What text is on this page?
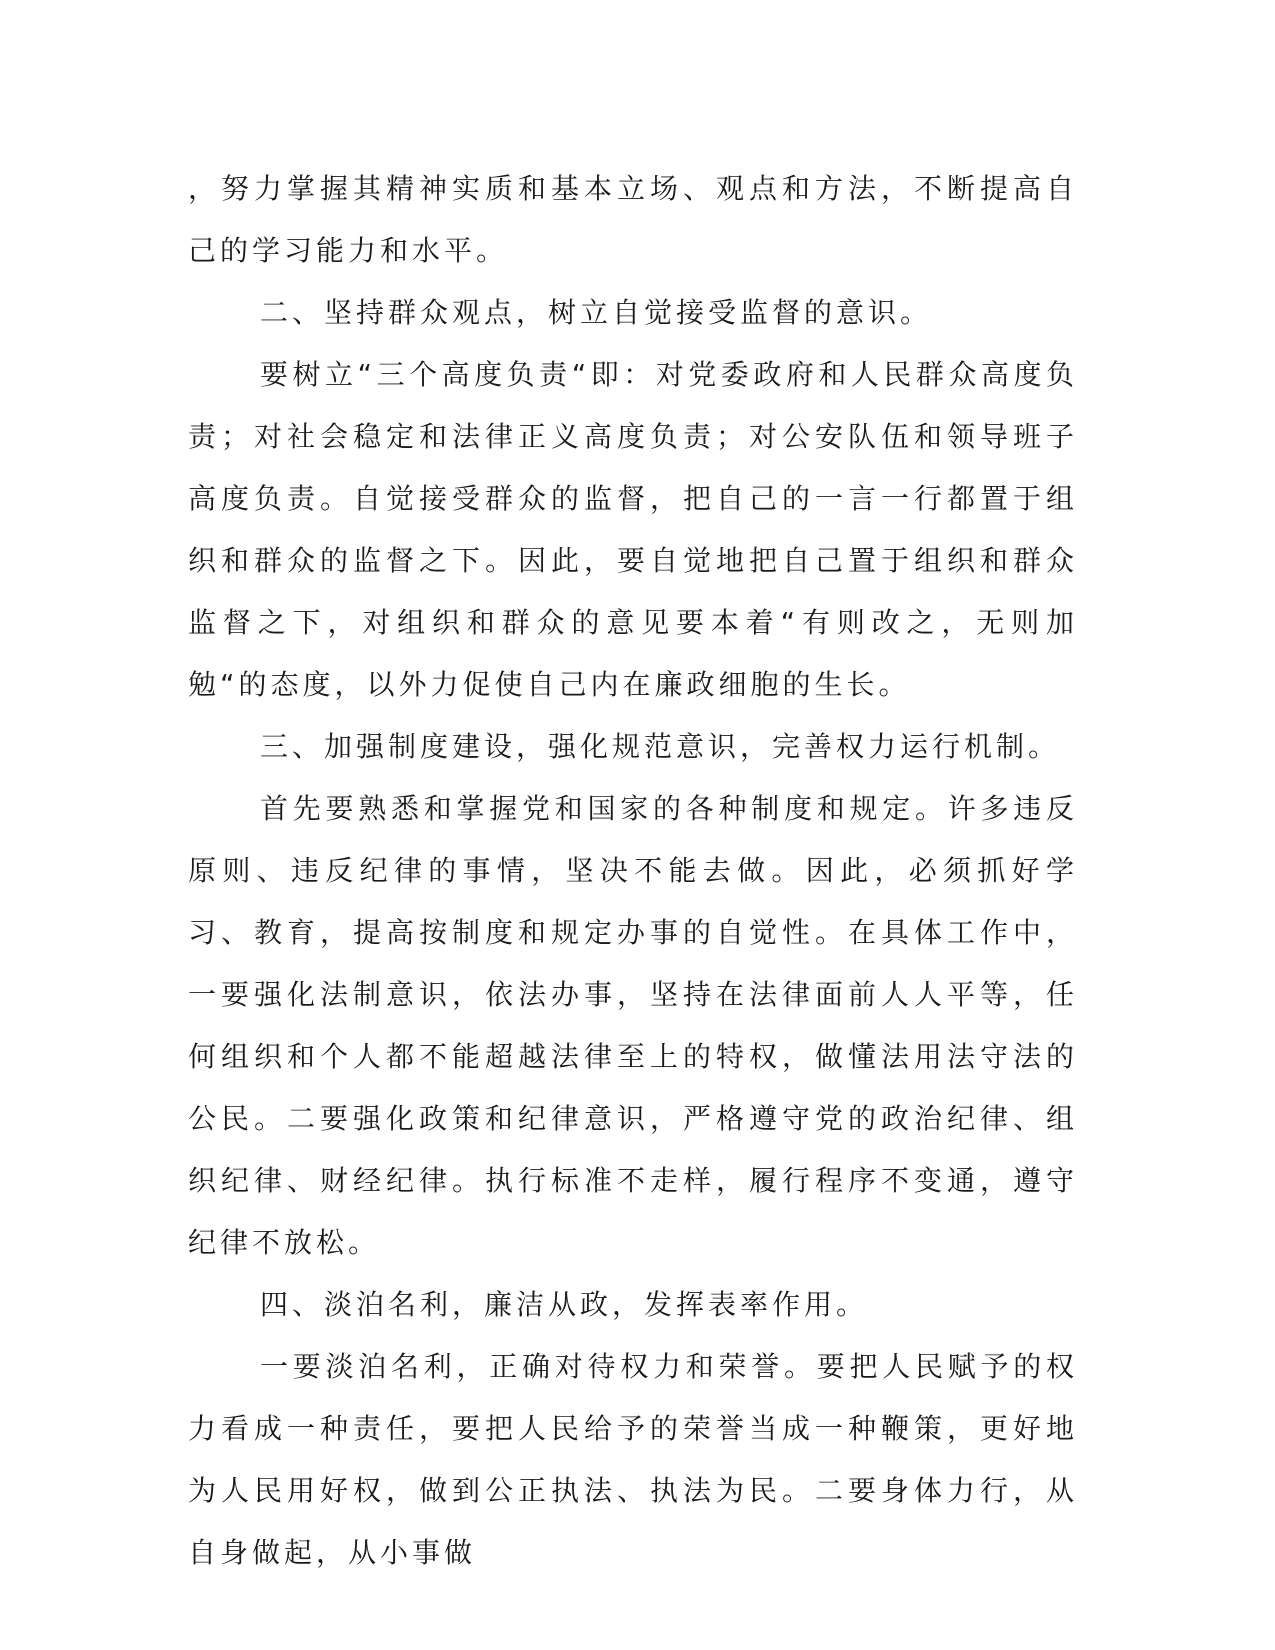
，努力掌握其精神实质和基本立场、观点和方法，不断提高自己的学习能力和水平。

二、坚持群众观点，树立自觉接受监督的意识。

要树立“三个高度负责“即：对党委政府和人民群众高度负责；对社会稳定和法律正义高度负责；对公安队伍和领导班子高度负责。自觉接受群众的监督，把自己的一言一行都置于组织和群众的监督之下。因此，要自觉地把自己置于组织和群众监督之下，对组织和群众的意见要本着“有则改之，无则加勉“的态度，以外力促使自己内在廉政细胞的生长。

三、加强制度建设，强化规范意识，完善权力运行机制。

首先要熟悉和掌握党和国家的各种制度和规定。许多违反原则、违反纪律的事情，坚决不能去做。因此，必须抓好学习、教育，提高按制度和规定办事的自觉性。在具体工作中，一要强化法制意识，依法办事，坚持在法律面前人人平等，任何组织和个人都不能超越法律至上的特权，做懂法用法守法的公民。二要强化政策和纪律意识，严格遵守党的政治纪律、组织纪律、财经纪律。执行标准不走样，履行程序不变通，遵守纪律不放松。

四、淡泊名利，廉洁从政，发挥表率作用。

一要淡泊名利，正确对待权力和荣誉。要把人民赋予的权力看成一种责任，要把人民给予的荣誉当成一种鞭策，更好地为人民用好权，做到公正执法、执法为民。二要身体力行，从自身做起，从小事做
